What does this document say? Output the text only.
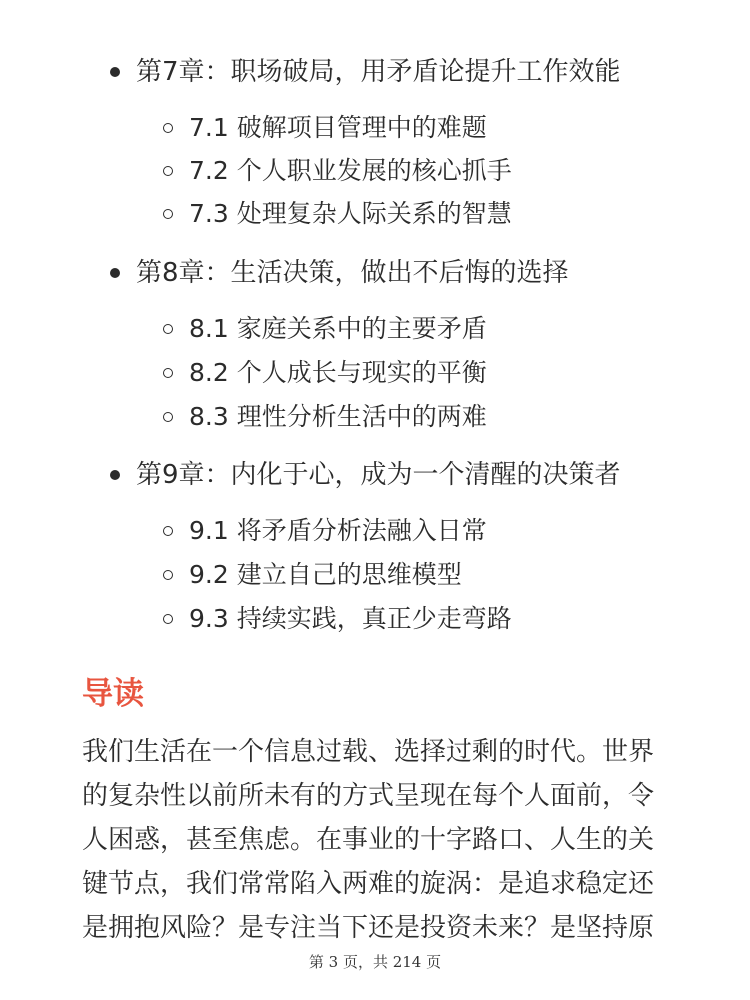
第7章：职场破局，用矛盾论提升工作效能
7.1 破解项目管理中的难题
7.2 个人职业发展的核心抓手
7.3 处理复杂人际关系的智慧
第8章：生活决策，做出不后悔的选择
8.1 家庭关系中的主要矛盾
8.2 个人成长与现实的平衡
8.3 理性分析生活中的两难
第9章：内化于心，成为一个清醒的决策者
9.1 将矛盾分析法融入日常
9.2 建立自己的思维模型
9.3 持续实践，真正少走弯路
导读
我们生活在一个信息过载、选择过剩的时代。世界
的复杂性以前所未有的方式呈现在每个人面前，令
人困惑，甚至焦虑。在事业的十字路口、人生的关
键节点，我们常常陷入两难的旋涡：是追求稳定还
是拥抱风险？是专注当下还是投资未来？是坚持原
第 3 页，共 214 页
